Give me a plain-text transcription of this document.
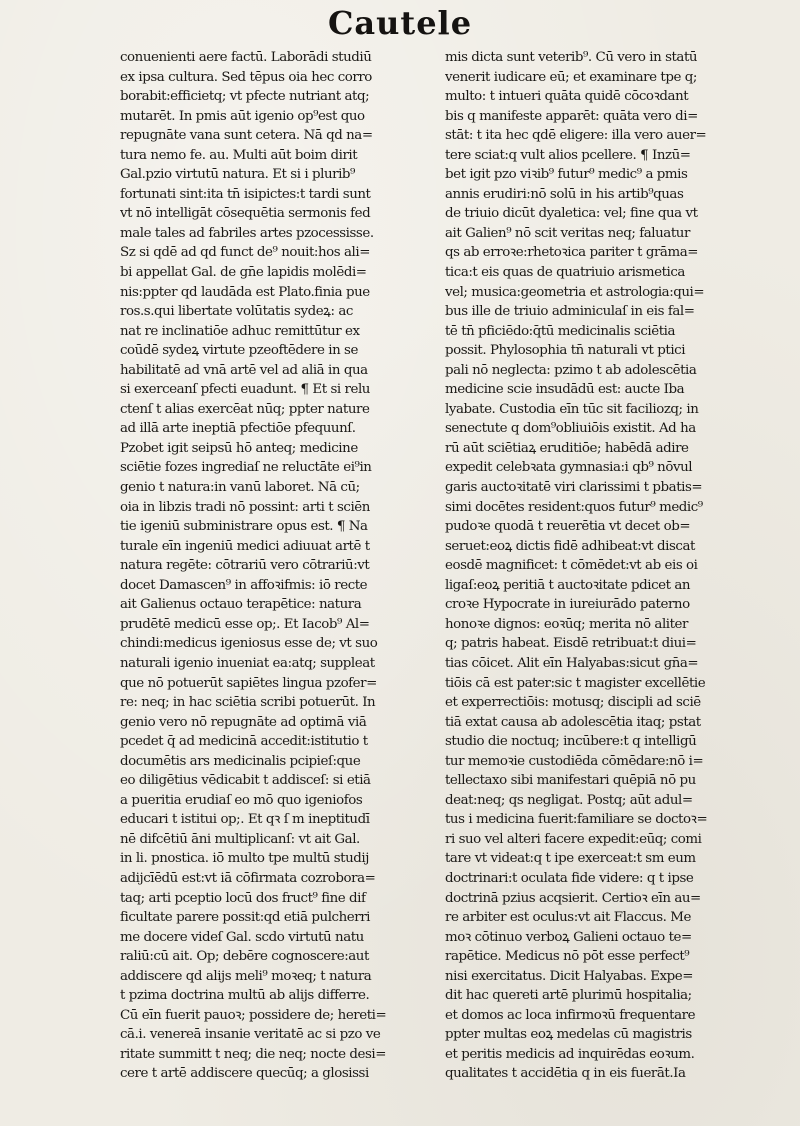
Cautele
conuenienti aere factū. Laborādi studiū
ex ipsa cultura. Sed tēpus oia hec corro
borabit:efficietq; vt pfecte nutriant atq;
mutarēt. In pmis aūt igenio op⁹est quo
repugnāte vana sunt cetera. Nā qd na=
tura nemo fe. au. Multi aūt boim dirit
Gal.pzio virtutū natura. Et si i plurib⁹
fortunati sint:ita tn̄ isipictes:t tardi sunt
vt nō intelligāt cōsequētia sermonis fed
male tales ad fabriles artes pzocessisse.
Sz si qdē ad qd funct de⁹ nouit:hos ali=
bi appellat Gal. de gn̄e lapidis molēdi=
nis:ppter qd laudāda est Plato.finia pue
ros.s.qui libertate volūtatis sydeꝝ: ac
nat re inclinatiōe adhuc remittūtur ex
coūdē sydeꝝ virtute pzeoftēdere in se
habilitatē ad vnā artē vel ad aliā in qua
si exerceanſ pfecti euadunt. ¶ Et si relu
ctenſ t alias exercēat nūq; ppter nature
ad illā arte ineptiā pfectiōe pfequunſ.
Pzobet igit seipsū hō anteq; medicine
sciētie fozes ingrediaſ ne reluctāte ei⁹in
genio t natura:in vanū laboret. Nā cū;
oia in libzis tradi nō possint: arti t sciēn
tie igeniū subministrare opus est. ¶ Na
turale eīn ingeniū medici adiuuat artē t
natura regēte: cōtrariū vero cōtrariū:vt
docet Damascen⁹ in affoꝛifmis: iō recte
ait Galienus octauo terapētice: natura
prudētē medicū esse op;. Et Iacob⁹ Al=
chindi:medicus igeniosus esse de; vt suo
naturali igenio inueniat ea:atq; suppleat
que nō potuerūt sapiētes lingua pzofer=
re: neq; in hac sciētia scribi potuerūt. In
genio vero nō repugnāte ad optimā viā
pcedet q̄ ad medicinā accedit:istitutio t
documētis ars medicinalis pcipieſ:que
eo diligētius vēdicabit t addisceſ: si etiā
a pueritia erudiaſ eo mō quo igeniofos
educari t istitui op;. Et qꝛ ſ m ineptitudī
nē difcētiū āni multiplicanſ: vt ait Gal.
in li. pnostica. iō multo tpe multū studij
adijcīēdū est:vt iā cōfirmata cozrobora=
taq; arti pceptio locū dos fruct⁹ fine dif
ficultate parere possit:qd etiā pulcherri
me docere videſ Gal. scdo virtutū natu
raliū:cū ait. Op; debēre cognoscere:aut
addiscere qd alijs meli⁹ moꝛeq; t natura
t pzima doctrina multū ab alijs differre.
Cū eīn fuerit pauoꝛ; possidere de; hereti=
cā.i. venereā insanie veritatē ac si pzo ve
ritate summitt t neq; die neq; nocte desi=
cere t artē addiscere quecūq; a glosissi
mis dicta sunt veterib⁹. Cū vero in statū
venerit iudicare eū; et examinare tpe q;
multo: t intueri quāta quidē cōcoꝛdant
bis q manifeste apparēt: quāta vero di=
stāt: t ita hec qdē eligere: illa vero auer=
tere sciat:q vult alios pcellere. ¶ Inzū=
bet igit pzo viꝛib⁹ futur⁹ medic⁹ a pmis
annis erudiri:nō solū in his artib⁹quas
de triuio dicūt dyaletica: vel; fine qua vt
ait Galien⁹ nō scit veritas neq; faluatur
qs ab erroꝛe:rhetoꝛica pariter t grāma=
tica:t eis quas de quatriuio arismetica
vel; musica:geometria et astrologia:qui=
bus ille de triuio adminiculaſ in eis fal=
tē tn̄ pficiēdo:q̄tū medicinalis sciētia
possit. Phylosophia tn̄ naturali vt ptici
pali nō neglecta: pzimo t ab adolescētia
medicine scie insudādū est: aucte Iba
lyabate. Custodia eīn tūc sit faciliozq; in
senectute q dom⁹obliuiōis existit. Ad ha
rū aūt sciētiaꝝ eruditiōe; habēdā adire
expedit celebꝛata gymnasia:i qb⁹ nōvul
garis auctoꝛitatē viri clarissimi t pbatis=
simi docētes resident:quos futur⁹ medic⁹
pudoꝛe quodā t reuerētia vt decet ob=
seruet:eoꝝ dictis fidē adhibeat:vt discat
eosdē magnificet: t cōmēdet:vt ab eis oi
ligaſ:eoꝝ peritiā t auctoꝛitate pdicet an
croꝛe Hypocrate in iureiurādo paterno
honoꝛe dignos: eoꝛūq; merita nō aliter
q; patris habeat. Eisdē retribuat:t diui=
tias cōicet. Alit eīn Halyabas:sicut gn̄a=
tiōis cā est pater:sic t magister excellētie
et experrectiōis: motusq; discipli ad sciē
tiā extat causa ab adolescētia itaq; pstat
studio die noctuq; incūbere:t q intelligū
tur memoꝛie custodiēda cōmēdare:nō i=
tellectaxo sibi manifestari quēpiā nō pu
deat:neq; qs negligat. Postq; aūt adul=
tus i medicina fuerit:familiare se doctoꝛ=
ri suo vel alteri facere expedit:eūq; comi
tare vt videat:q t ipe exerceat:t sm eum
doctrinari:t oculata fide videre: q t ipse
doctrinā pzius acqsierit. Certioꝛ eīn au=
re arbiter est oculus:vt ait Flaccus. Me
moꝛ cōtinuo verboꝝ Galieni octauo te=
rapētice. Medicus nō pōt esse perfect⁹
nisi exercitatus. Dicit Halyabas. Expe=
dit hac quereti artē plurimū hospitalia;
et domos ac loca infirmoꝛū frequentare
ppter multas eoꝝ medelas cū magistris
et peritis medicis ad inquirēdas eoꝛum.
qualitates t accidētia q in eis fuerāt.Ia
